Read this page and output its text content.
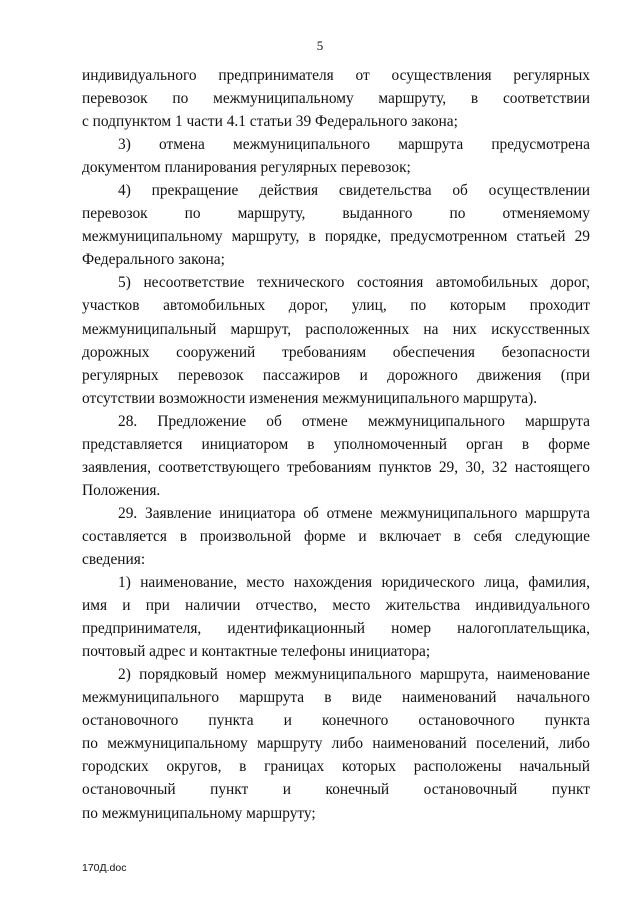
5
индивидуального предпринимателя от осуществления регулярных
перевозок по межмуниципальному маршруту, в соответствии
с подпунктом 1 части 4.1 статьи 39 Федерального закона;
3) отмена межмуниципального маршрута предусмотрена
документом планирования регулярных перевозок;
4) прекращение действия свидетельства об осуществлении
перевозок по маршруту, выданного по отменяемому
межмуниципальному маршруту, в порядке, предусмотренном статьей 29
Федерального закона;
5) несоответствие технического состояния автомобильных дорог,
участков автомобильных дорог, улиц, по которым проходит
межмуниципальный маршрут, расположенных на них искусственных
дорожных сооружений требованиям обеспечения безопасности
регулярных перевозок пассажиров и дорожного движения (при
отсутствии возможности изменения межмуниципального маршрута).
28. Предложение об отмене межмуниципального маршрута
представляется инициатором в уполномоченный орган в форме
заявления, соответствующего требованиям пунктов 29, 30, 32 настоящего
Положения.
29. Заявление инициатора об отмене межмуниципального маршрута
составляется в произвольной форме и включает в себя следующие
сведения:
1) наименование, место нахождения юридического лица, фамилия,
имя и при наличии отчество, место жительства индивидуального
предпринимателя, идентификационный номер налогоплательщика,
почтовый адрес и контактные телефоны инициатора;
2) порядковый номер межмуниципального маршрута, наименование
межмуниципального маршрута в виде наименований начального
остановочного пункта и конечного остановочного пункта
по межмуниципальному маршруту либо наименований поселений, либо
городских округов, в границах которых расположены начальный
остановочный пункт и конечный остановочный пункт
по межмуниципальному маршруту;
170Д.doc
